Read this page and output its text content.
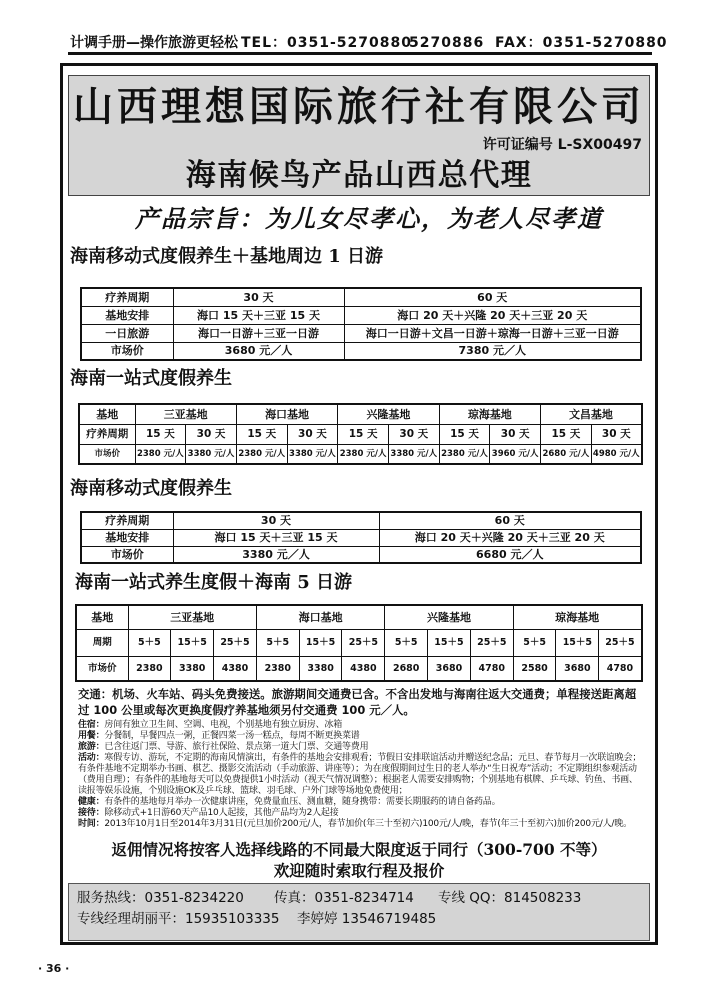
计调手册—操作旅游更轻松 TEL：0351-5270880
5270886 FAX：0351-5270880
山西理想国际旅行社有限公司
许可证编号 L-SX00497
海南候鸟产品山西总代理
产品宗旨：为儿女尽孝心，为老人尽孝道
海南移动式度假养生＋基地周边 1 日游
疗养周期	30 天	60 天
基地安排	海口 15 天＋三亚 15 天	海口 20 天＋兴隆 20 天＋三亚 20 天
一日旅游	海口一日游＋三亚一日游	海口一日游＋文昌一日游＋琼海一日游＋三亚一日游
市场价	3680 元／人	7380 元／人
海南一站式度假养生
基地	三亚基地		海口基地		兴隆基地		琼海基地		文昌基地	
疗养周期	15 天	30 天	15 天	30 天	15 天	30 天	15 天	30 天	15 天	30 天
市场价	2380 元/人	3380 元/人	2380 元/人	3380 元/人	2380 元/人	3380 元/人	2380 元/人	3960 元/人	2680 元/人	4980 元/人
海南移动式度假养生
疗养周期	30 天	60 天
基地安排	海口 15 天＋三亚 15 天	海口 20 天＋兴隆 20 天＋三亚 20 天
市场价	3380 元／人	6680 元／人
海南一站式养生度假＋海南 5 日游
基地	三亚基地			海口基地			兴隆基地			琼海基地		
周期	5＋5	15＋5	25＋5	5＋5	15＋5	25＋5	5＋5	15＋5	25＋5	5＋5	15＋5	25＋5
市场价	2380	3380	4380	2380	3380	4380	2680	3680	4780	2580	3680	4780
交通：机场、火车站、码头免费接送。旅游期间交通费已含。不含出发地与海南往返大交通费；单程接送距离超过 100 公里或每次更换度假疗养基地须另付交通费 100 元／人。
住宿：房间有独立卫生间、空调、电视，个别基地有独立厨房、冰箱
用餐：分餐制，早餐四点一粥，正餐四菜一汤一糕点，每周不断更换菜谱
旅游：已含往返门票、导游、旅行社保险、景点第一道大门票、交通等费用
活动：寒假专访、游玩，不定期的海南风情演出，有条件的基地会安排观看；节假日安排联谊活动并赠送纪念品；元旦、春节每月一次联谊晚会；有条件基地不定期举办书画、棋艺、摄影交流活动（手动旅游、讲座等）；为在度假期间过生日的老人举办“生日祝寿”活动；不定期组织参观活动（费用自理）；有条件的基地每天可以免费提供1小时活动（视天气情况调整）；根据老人需要安排购物；个别基地有棋牌、乒乓球、钓鱼、书画、读报等娱乐设施，个别设施OK及乒乓球、篮球、羽毛球、户外门球等场地免费使用；
健康：有条件的基地每月举办一次健康讲座，免费量血压、测血糖，随身携带：需要长期服药的请自备药品。
接待：除移动式+1日游60天产品10人起接，其他产品均为2人起接
时间：2013年10月1日至2014年3月31日(元旦加价200元/人，春节加价(年三十至初六)100元/人/晚，春节(年三十至初六)加价200元/人/晚。
返佣情况将按客人选择线路的不同最大限度返于同行（300-700 不等）
欢迎随时索取行程及报价
服务热线：0351-8234220 传真：0351-8234714 专线 QQ：814508233
专线经理胡丽平：15935103335 李婷婷 13546719485
· 36 ·
